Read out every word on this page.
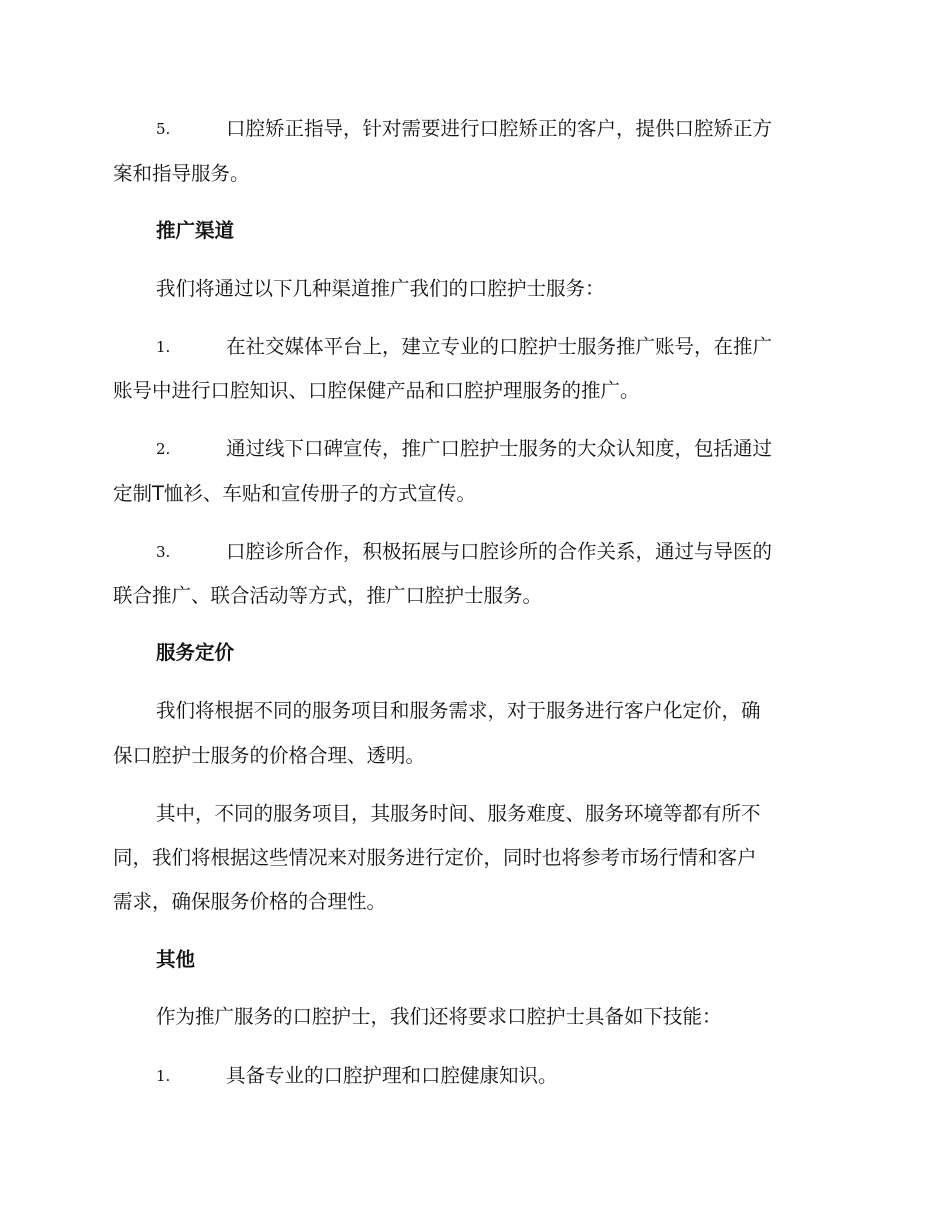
5.	口腔矫正指导，针对需要进行口腔矫正的客户，提供口腔矫正方
案和指导服务。
推广渠道
我们将通过以下几种渠道推广我们的口腔护士服务：
1.	在社交媒体平台上，建立专业的口腔护士服务推广账号，在推广
账号中进行口腔知识、口腔保健产品和口腔护理服务的推广。
2.	通过线下口碑宣传，推广口腔护士服务的大众认知度，包括通过
定制T恤衫、车贴和宣传册子的方式宣传。
3.	口腔诊所合作，积极拓展与口腔诊所的合作关系，通过与导医的
联合推广、联合活动等方式，推广口腔护士服务。
服务定价
我们将根据不同的服务项目和服务需求，对于服务进行客户化定价，确
保口腔护士服务的价格合理、透明。
其中，不同的服务项目，其服务时间、服务难度、服务环境等都有所不
同，我们将根据这些情况来对服务进行定价，同时也将参考市场行情和客户
需求，确保服务价格的合理性。
其他
作为推广服务的口腔护士，我们还将要求口腔护士具备如下技能：
1.	具备专业的口腔护理和口腔健康知识。
